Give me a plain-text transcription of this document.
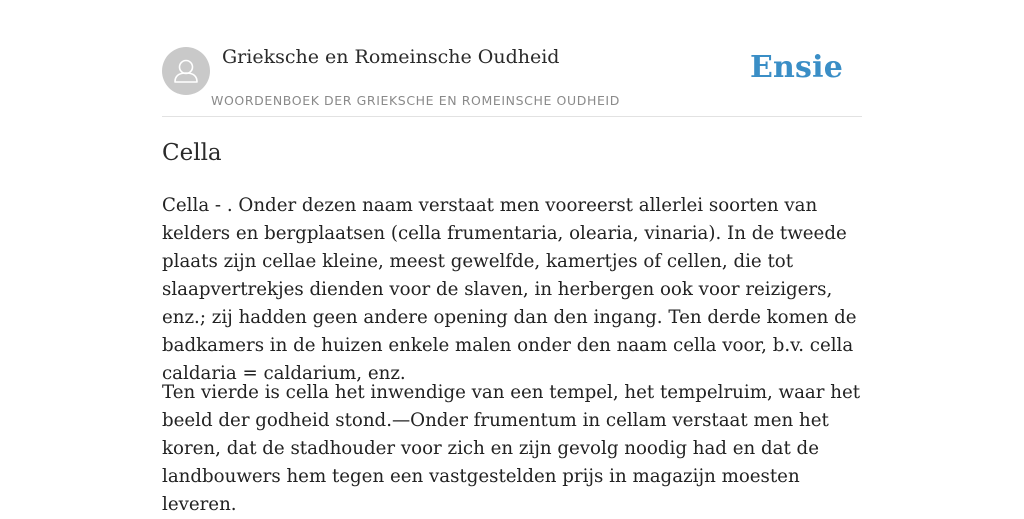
Grieksche en Romeinsche Oudheid
WOORDENBOEK DER GRIEKSCHE EN ROMEINSCHE OUDHEID
Ensie
Cella

Cella - . Onder dezen naam verstaat men vooreerst allerlei soorten van kelders en bergplaatsen (cella frumentaria, olearia, vinaria). In de tweede plaats zijn cellae kleine, meest gewelfde, kamertjes of cellen, die tot slaapvertrekjes dienden voor de slaven, in herbergen ook voor reizigers, enz.; zij hadden geen andere opening dan den ingang. Ten derde komen de badkamers in de huizen enkele malen onder den naam cella voor, b.v. cella caldaria = caldarium, enz.

Ten vierde is cella het inwendige van een tempel, het tempelruim, waar het beeld der godheid stond.—Onder frumentum in cellam verstaat men het koren, dat de stadhouder voor zich en zijn gevolg noodig had en dat de landbouwers hem tegen een vastgestelden prijs in magazijn moesten leveren.
